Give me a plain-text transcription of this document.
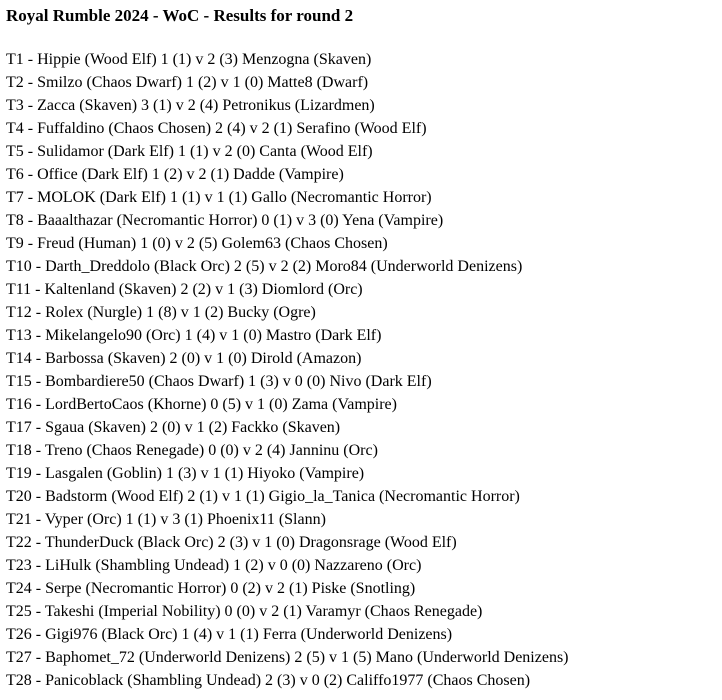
Royal Rumble 2024 - WoC - Results for round 2
T1 - Hippie (Wood Elf) 1 (1) v 2 (3) Menzogna (Skaven)
T2 - Smilzo (Chaos Dwarf) 1 (2) v 1 (0) Matte8 (Dwarf)
T3 - Zacca (Skaven) 3 (1) v 2 (4) Petronikus (Lizardmen)
T4 - Fuffaldino (Chaos Chosen) 2 (4) v 2 (1) Serafino (Wood Elf)
T5 - Sulidamor (Dark Elf) 1 (1) v 2 (0) Canta (Wood Elf)
T6 - Office (Dark Elf) 1 (2) v 2 (1) Dadde (Vampire)
T7 - MOLOK (Dark Elf) 1 (1) v 1 (1) Gallo (Necromantic Horror)
T8 - Baaalthazar (Necromantic Horror) 0 (1) v 3 (0) Yena (Vampire)
T9 - Freud (Human) 1 (0) v 2 (5) Golem63 (Chaos Chosen)
T10 - Darth_Dreddolo (Black Orc) 2 (5) v 2 (2) Moro84 (Underworld Denizens)
T11 - Kaltenland (Skaven) 2 (2) v 1 (3) Diomlord (Orc)
T12 - Rolex (Nurgle) 1 (8) v 1 (2) Bucky (Ogre)
T13 - Mikelangelo90 (Orc) 1 (4) v 1 (0) Mastro (Dark Elf)
T14 - Barbossa (Skaven) 2 (0) v 1 (0) Dirold (Amazon)
T15 - Bombardiere50 (Chaos Dwarf) 1 (3) v 0 (0) Nivo (Dark Elf)
T16 - LordBertoCaos (Khorne) 0 (5) v 1 (0) Zama (Vampire)
T17 - Sgaua (Skaven) 2 (0) v 1 (2) Fackko (Skaven)
T18 - Treno (Chaos Renegade) 0 (0) v 2 (4) Janninu (Orc)
T19 - Lasgalen (Goblin) 1 (3) v 1 (1) Hiyoko (Vampire)
T20 - Badstorm (Wood Elf) 2 (1) v 1 (1) Gigio_la_Tanica (Necromantic Horror)
T21 - Vyper (Orc) 1 (1) v 3 (1) Phoenix11 (Slann)
T22 - ThunderDuck (Black Orc) 2 (3) v 1 (0) Dragonsrage (Wood Elf)
T23 - LiHulk (Shambling Undead) 1 (2) v 0 (0) Nazzareno (Orc)
T24 - Serpe (Necromantic Horror) 0 (2) v 2 (1) Piske (Snotling)
T25 - Takeshi (Imperial Nobility) 0 (0) v 2 (1) Varamyr (Chaos Renegade)
T26 - Gigi976 (Black Orc) 1 (4) v 1 (1) Ferra (Underworld Denizens)
T27 - Baphomet_72 (Underworld Denizens) 2 (5) v 1 (5) Mano (Underworld Denizens)
T28 - Panicoblack (Shambling Undead) 2 (3) v 0 (2) Califfo1977 (Chaos Chosen)
